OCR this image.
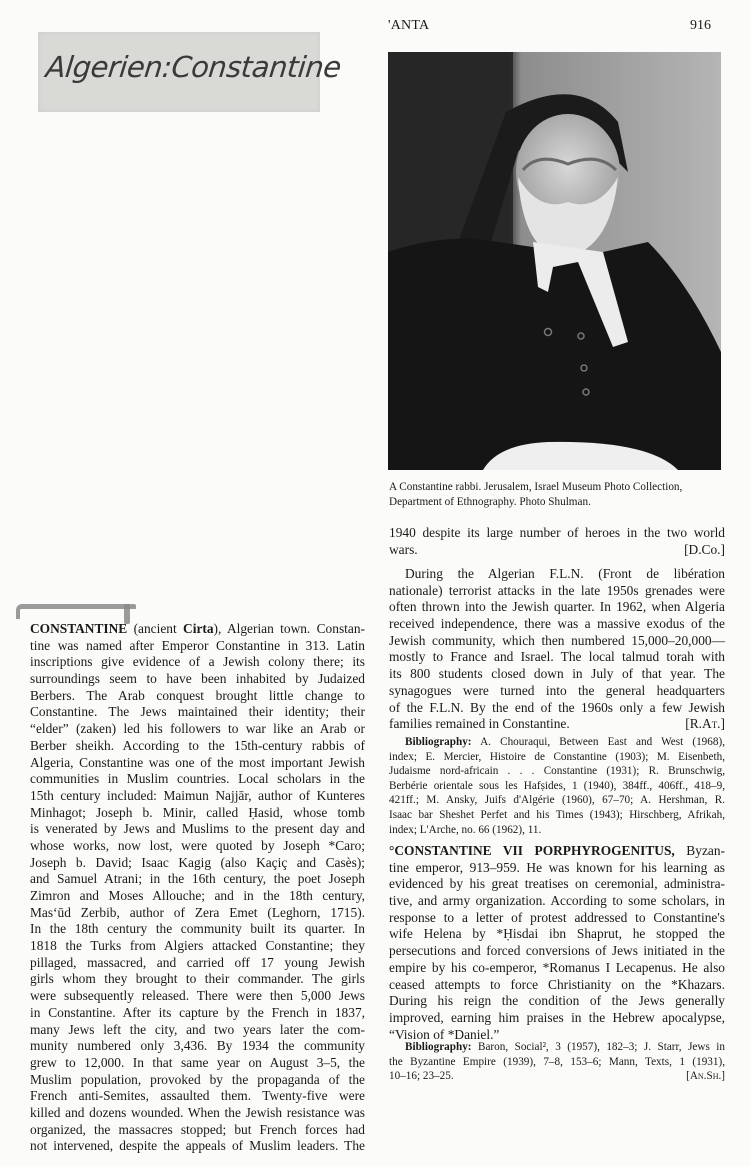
'ANTA	916
Algerien:Constantine
A Constantine rabbi. Jerusalem, Israel Museum Photo Collection,
Department of Ethnography. Photo Shulman.
CONSTANTINE (ancient Cirta), Algerian town. Constan-
tine was named after Emperor Constantine in 313. Latin
inscriptions give evidence of a Jewish colony there; its
surroundings seem to have been inhabited by Judaized
Berbers. The Arab conquest brought little change to
Constantine. The Jews maintained their identity; their
“elder” (zaken) led his followers to war like an Arab or
Berber sheikh. According to the 15th-century rabbis of
Algeria, Constantine was one of the most important Jewish
communities in Muslim countries. Local scholars in the
15th century included: Maimun Najjār, author of Kunteres
Minhagot; Joseph b. Minir, called Ḥasid, whose tomb
is venerated by Jews and Muslims to the present day and
whose works, now lost, were quoted by Joseph *Caro;
Joseph b. David; Isaac Kagig (also Kaçiç and Casès);
and Samuel Atrani; in the 16th century, the poet Joseph
Zimron and Moses Allouche; and in the 18th century,
Mas‘ūd Zerbib, author of Zera Emet (Leghorn, 1715).
In the 18th century the community built its quarter. In
1818 the Turks from Algiers attacked Constantine; they
pillaged, massacred, and carried off 17 young Jewish
girls whom they brought to their commander. The girls
were subsequently released. There were then 5,000 Jews
in Constantine. After its capture by the French in 1837,
many Jews left the city, and two years later the com-
munity numbered only 3,436. By 1934 the community
grew to 12,000. In that same year on August 3–5, the
Muslim population, provoked by the propaganda of the
French anti-Semites, assaulted them. Twenty-five were
killed and dozens wounded. When the Jewish resistance was
organized, the massacres stopped; but French forces had
not intervened, despite the appeals of Muslim leaders. The
1940 despite its large number of heroes in the two world
wars.	[D.Co.]
During the Algerian F.L.N. (Front de libération
nationale) terrorist attacks in the late 1950s grenades were
often thrown into the Jewish quarter. In 1962, when Algeria
received independence, there was a massive exodus of the
Jewish community, which then numbered 15,000–20,000—
mostly to France and Israel. The local talmud torah with
its 800 students closed down in July of that year. The
synagogues were turned into the general headquarters
of the F.L.N. By the end of the 1960s only a few Jewish
families remained in Constantine.	[R.At.]
Bibliography: A. Chouraqui, Between East and West (1968),
index; E. Mercier, Histoire de Constantine (1903); M. Eisenbeth,
Judaisme nord-africain . . . Constantine (1931); R. Brunschwig,
Berbérie orientale sous les Hafṣides, 1 (1940), 384ff., 406ff., 418–9,
421ff.; M. Ansky, Juifs d'Algérie (1960), 67–70; A. Hershman, R.
Isaac bar Sheshet Perfet and his Times (1943); Hirschberg, Afrikah,
index; L'Arche, no. 66 (1962), 11.
°CONSTANTINE VII PORPHYROGENITUS, Byzan-
tine emperor, 913–959. He was known for his learning as
evidenced by his great treatises on ceremonial, administra-
tive, and army organization. According to some scholars, in
response to a letter of protest addressed to Constantine's
wife Helena by *Ḥisdai ibn Shaprut, he stopped the
persecutions and forced conversions of Jews initiated in the
empire by his co-emperor, *Romanus I Lecapenus. He also
ceased attempts to force Christianity on the *Khazars.
During his reign the condition of the Jews generally
improved, earning him praises in the Hebrew apocalypse,
“Vision of *Daniel.”
Bibliography: Baron, Social², 3 (1957), 182–3; J. Starr, Jews in
the Byzantine Empire (1939), 7–8, 153–6; Mann, Texts, 1 (1931),
10–16; 23–25.	[An.Sh.]
